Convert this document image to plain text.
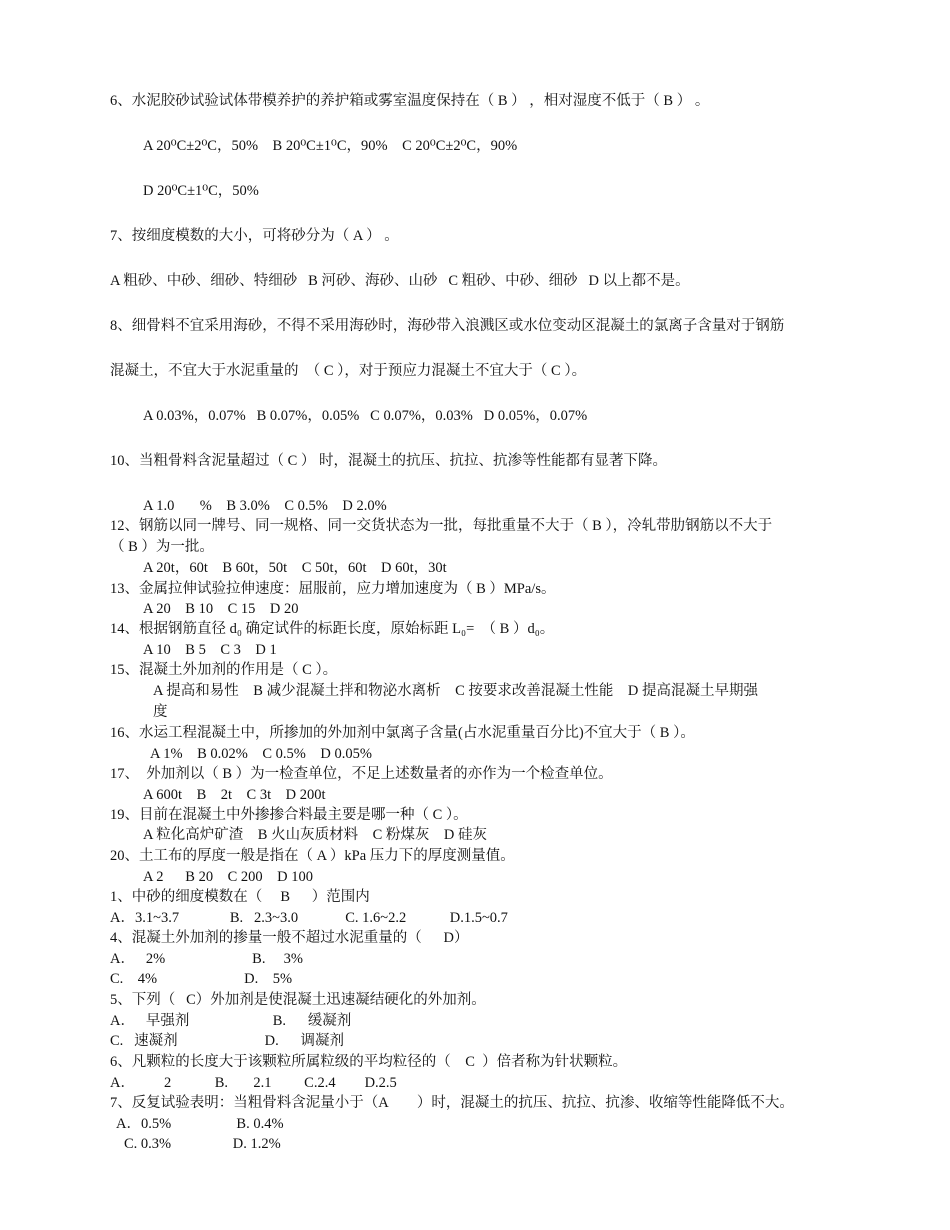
6、水泥胶砂试验试体带模养护的养护箱或雾室温度保持在（ B ） ，相对湿度不低于（ B ） 。
A 20⁰C±2⁰C，50%    B 20⁰C±1⁰C，90%    C 20⁰C±2⁰C，90%
D 20⁰C±1⁰C，50%
7、按细度模数的大小，可将砂分为（ A ） 。
A 粗砂、中砂、细砂、特细砂   B 河砂、海砂、山砂   C 粗砂、中砂、细砂   D 以上都不是。
8、细骨料不宜采用海砂，不得不采用海砂时，海砂带入浪溅区或水位变动区混凝土的氯离子含量对于钢筋
混凝土，不宜大于水泥重量的  （ C ），对于预应力混凝土不宜大于（ C ）。
A 0.03%，0.07%   B 0.07%，0.05%   C 0.07%，0.03%   D 0.05%，0.07%
10、当粗骨料含泥量超过（ C ） 时，混凝土的抗压、抗拉、抗渗等性能都有显著下降。
A 1.0       %    B 3.0%    C 0.5%    D 2.0%
12、钢筋以同一牌号、同一规格、同一交货状态为一批，每批重量不大于（ B ），冷轧带肋钢筋以不大于
（ B ）为一批。
A 20t，60t    B 60t，50t    C 50t，60t    D 60t，30t
13、金属拉伸试验拉伸速度：屈服前，应力增加速度为（ B ）MPa/s。
A 20    B 10    C 15    D 20
14、根据钢筋直径 d₀ 确定试件的标距长度，原始标距 L₀=  （ B ）d₀。
A 10    B 5    C 3    D 1
15、混凝土外加剂的作用是（ C ）。
A 提高和易性    B 减少混凝土拌和物泌水离析    C 按要求改善混凝土性能    D 提高混凝土早期强
度
16、水运工程混凝土中，所掺加的外加剂中氯离子含量(占水泥重量百分比)不宜大于（ B ）。
A 1%    B 0.02%    C 0.5%    D 0.05%
17、  外加剂以（ B ）为一检查单位，不足上述数量者的亦作为一个检查单位。
A 600t    B    2t    C 3t    D 200t
19、目前在混凝土中外掺掺合料最主要是哪一种（ C ）。
A 粒化高炉矿渣    B 火山灰质材料    C 粉煤灰    D 硅灰
20、土工布的厚度一般是指在（ A ）kPa 压力下的厚度测量值。
A 2      B 20    C 200    D 100
1、中砂的细度模数在（     B      ）范围内
A．3.1~3.7              B.   2.3~3.0             C. 1.6~2.2            D.1.5~0.7
4、混凝土外加剂的掺量一般不超过水泥重量的（      D）
A．   2%                        B.     3%
C.    4%                        D.    5%
5、下列（   C）外加剂是使混凝土迅速凝结硬化的外加剂。
A．   早强剂                       B.      缓凝剂
C.   速凝剂                        D.      调凝剂
6、凡颗粒的长度大于该颗粒所属粒级的平均粒径的（    C  ）倍者称为针状颗粒。
A．        2            B.       2.1         C.2.4        D.2.5
7、反复试验表明：当粗骨料含泥量小于（A        ）时，混凝土的抗压、抗拉、抗渗、收缩等性能降低不大。
A．0.5%                  B. 0.4%
C. 0.3%                 D. 1.2%
